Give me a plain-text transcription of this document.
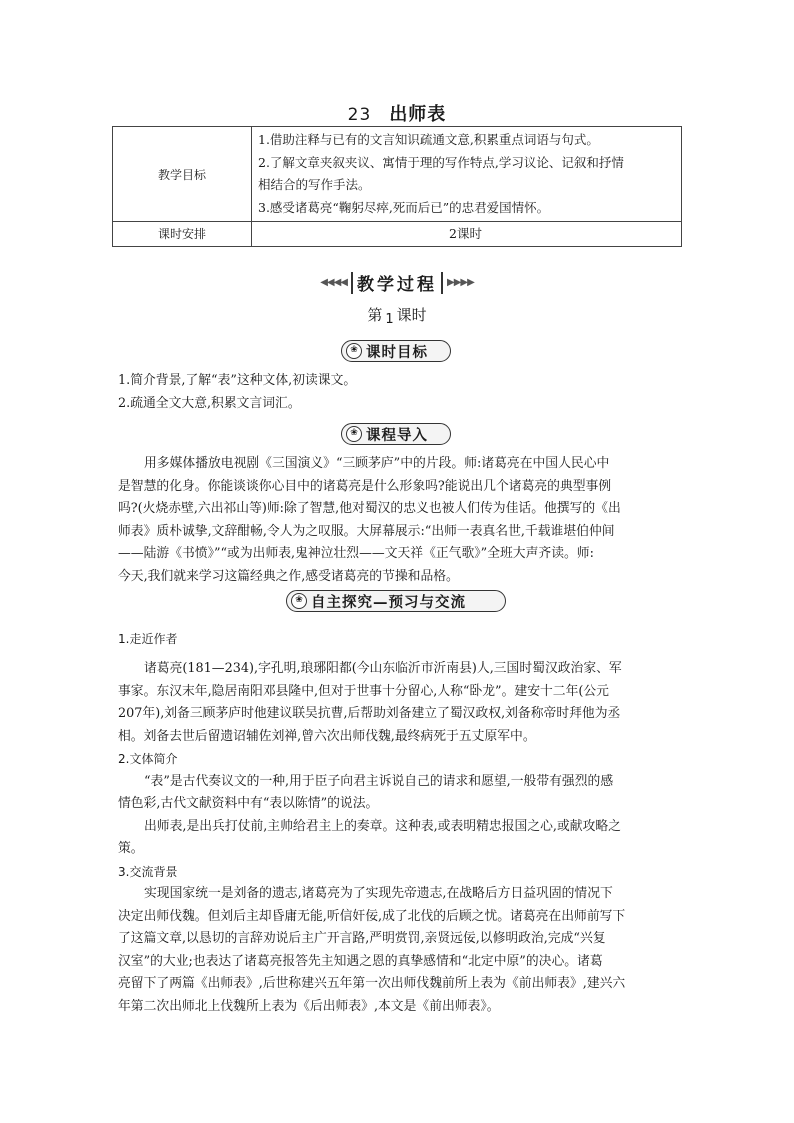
23 出师表
教学目标	1.借助注释与已有的文言知识疏通文意,积累重点词语与句式。
2.了解文章夹叙夹议、寓情于理的写作特点,学习议论、记叙和抒情
相结合的写作手法。
3.感受诸葛亮“鞠躬尽瘁,死而后已”的忠君爱国情怀。

课时安排	2课时
◀◀◀◀ 教学过程 ▶▶▶▶
第 1 课时
❀ 课时目标
1.简介背景,了解“表”这种文体,初读课文。
2.疏通全文大意,积累文言词汇。
❀ 课程导入
用多媒体播放电视剧《三国演义》“三顾茅庐”中的片段。师:诸葛亮在中国人民心中
是智慧的化身。你能谈谈你心目中的诸葛亮是什么形象吗?能说出几个诸葛亮的典型事例
吗?(火烧赤壁,六出祁山等)师:除了智慧,他对蜀汉的忠义也被人们传为佳话。他撰写的《出
师表》质朴诚挚,文辞酣畅,令人为之叹服。大屏幕展示:“出师一表真名世,千载谁堪伯仲间
——陆游《书愤》”“或为出师表,鬼神泣壮烈——文天祥《正气歌》”全班大声齐读。师:
今天,我们就来学习这篇经典之作,感受诸葛亮的节操和品格。
❀ 自主探究—预习与交流
1.走近作者
诸葛亮(181—234),字孔明,琅琊阳都(今山东临沂市沂南县)人,三国时蜀汉政治家、军
事家。东汉末年,隐居南阳邓县隆中,但对于世事十分留心,人称“卧龙”。建安十二年(公元
207年),刘备三顾茅庐时他建议联吴抗曹,后帮助刘备建立了蜀汉政权,刘备称帝时拜他为丞
相。刘备去世后留遗诏辅佐刘禅,曾六次出师伐魏,最终病死于五丈原军中。
2.文体简介
“表”是古代奏议文的一种,用于臣子向君主诉说自己的请求和愿望,一般带有强烈的感
情色彩,古代文献资料中有“表以陈情”的说法。
出师表,是出兵打仗前,主帅给君主上的奏章。这种表,或表明精忠报国之心,或献攻略之
策。
3.交流背景
实现国家统一是刘备的遗志,诸葛亮为了实现先帝遗志,在战略后方日益巩固的情况下
决定出师伐魏。但刘后主却昏庸无能,听信奸佞,成了北伐的后顾之忧。诸葛亮在出师前写下
了这篇文章,以恳切的言辞劝说后主广开言路,严明赏罚,亲贤远佞,以修明政治,完成“兴复
汉室”的大业;也表达了诸葛亮报答先主知遇之恩的真挚感情和“北定中原”的决心。诸葛
亮留下了两篇《出师表》,后世称建兴五年第一次出师伐魏前所上表为《前出师表》,建兴六
年第二次出师北上伐魏所上表为《后出师表》,本文是《前出师表》。
